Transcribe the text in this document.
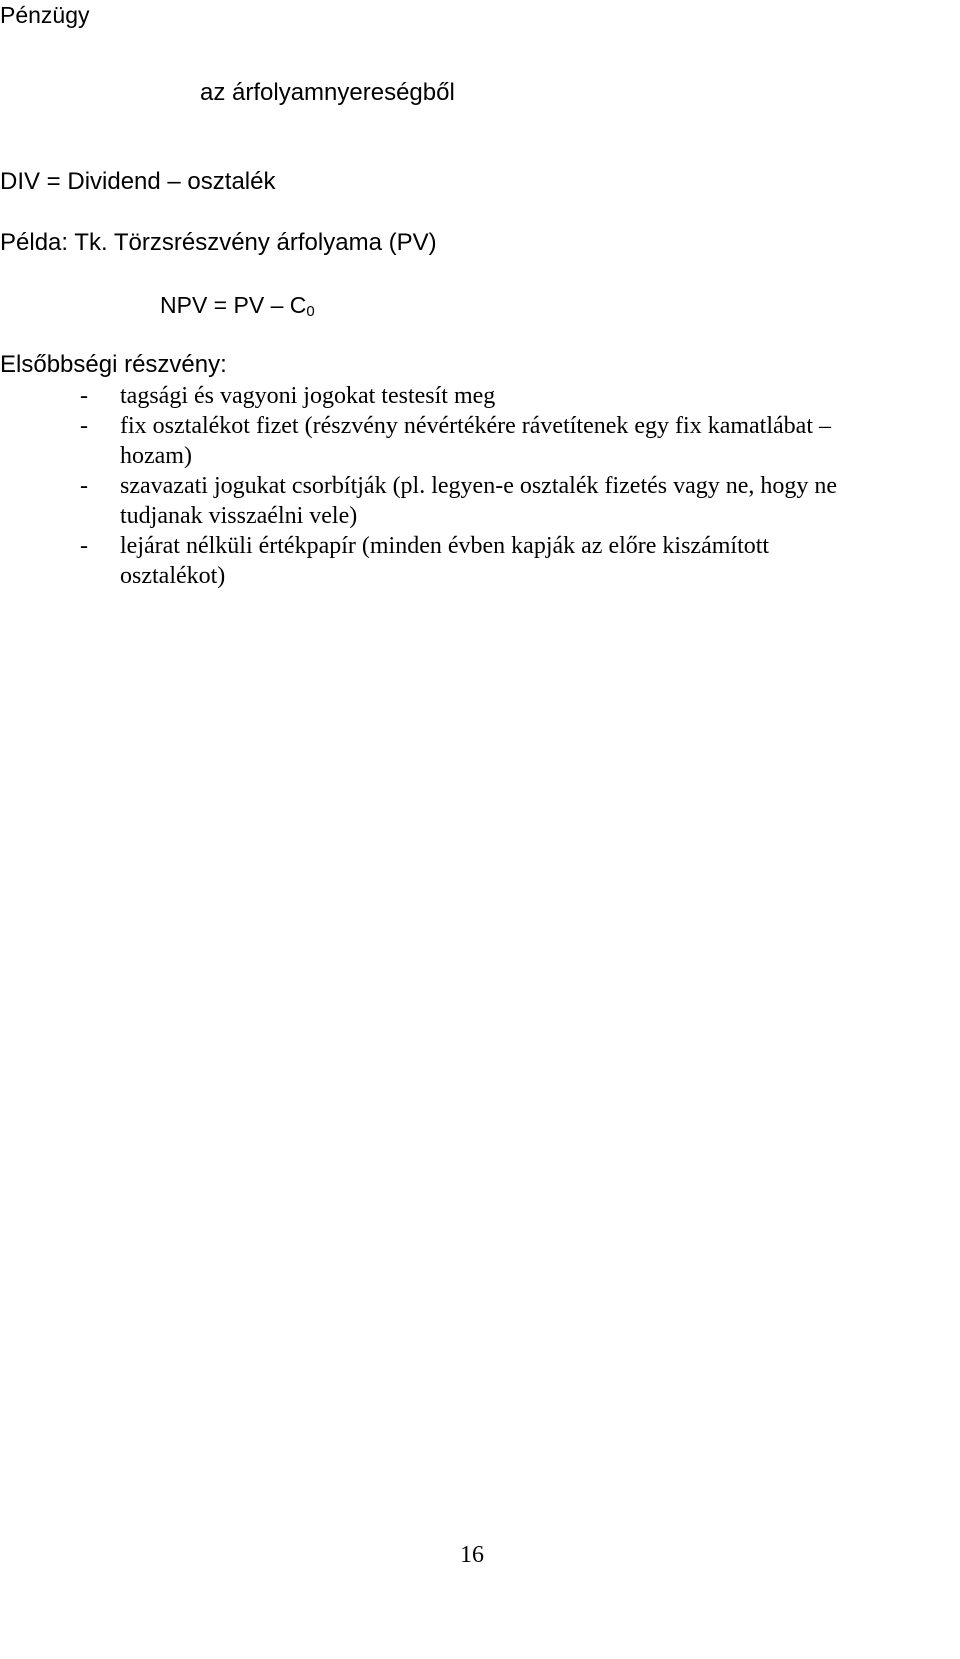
Pénzügy
az árfolyamnyereségből
DIV = Dividend – osztalék
Példa: Tk. Törzsrészvény árfolyama (PV)
NPV = PV – $C_0$
Elsőbbségi részvény:
- tagsági és vagyoni jogokat testesít meg
- fix osztalékot fizet (részvény névértékére rávetítenek egy fix kamatlábat –
hozam)
- szavazati jogukat csorbítják (pl. legyen-e osztalék fizetés vagy ne, hogy ne
tudjanak visszaélni vele)
- lejárat nélküli értékpapír (minden évben kapják az előre kiszámított
osztalékot)
16
